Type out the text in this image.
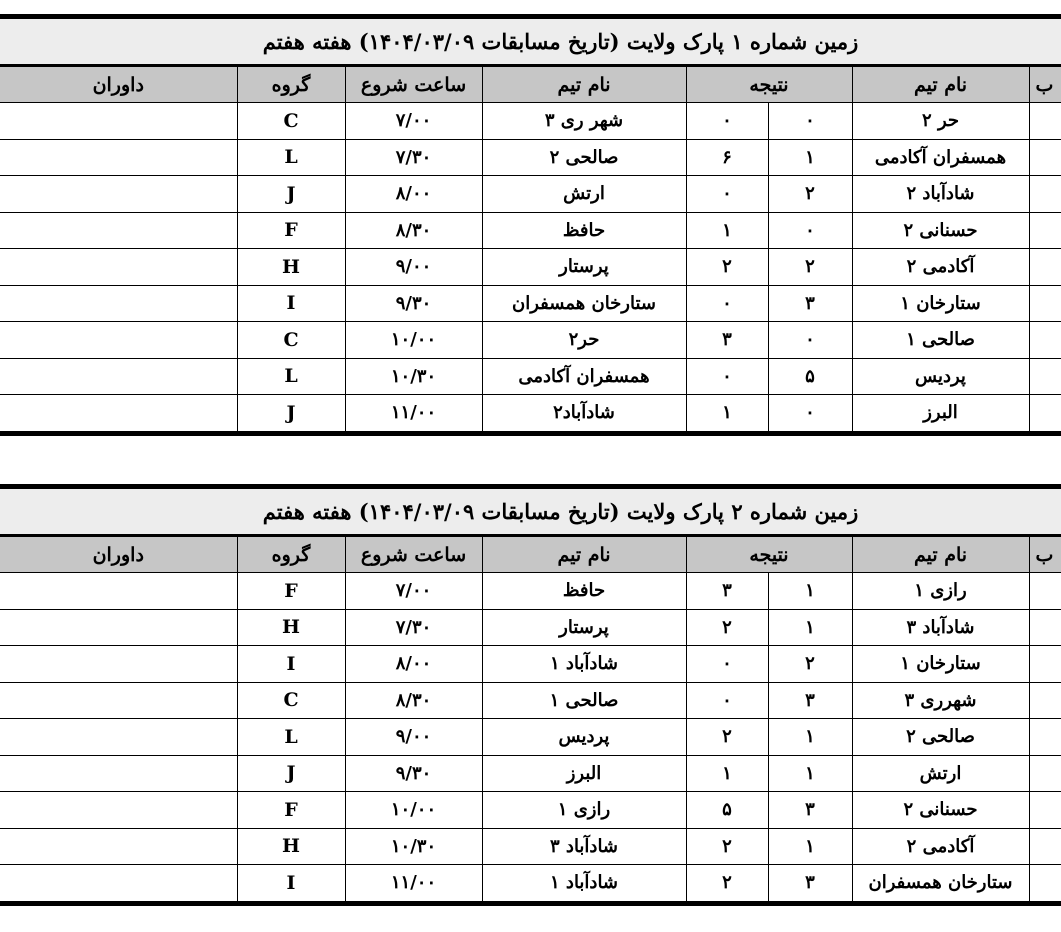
زمین شماره ۱ پارک ولایت (تاریخ مسابقات ۱۴۰۴/۰۳/۰۹) هفته هفتم
داوران	گروه	ساعت شروع	نام تیم	نتیجه		نام تیم	ب
	C	۷/۰۰	شهر ری ۳	۰	۰	حر ۲	
	L	۷/۳۰	صالحی ۲	۶	۱	همسفران آکادمی	
	J	۸/۰۰	ارتش	۰	۲	شادآباد ۲	
	F	۸/۳۰	حافظ	۱	۰	حسنانی ۲	
	H	۹/۰۰	پرستار	۲	۲	آکادمی ۲	
	I	۹/۳۰	ستارخان همسفران	۰	۳	ستارخان ۱	
	C	۱۰/۰۰	حر۲	۳	۰	صالحی ۱	
	L	۱۰/۳۰	همسفران آکادمی	۰	۵	پردیس	
	J	۱۱/۰۰	شادآباد۲	۱	۰	البرز	
زمین شماره ۲ پارک ولایت (تاریخ مسابقات ۱۴۰۴/۰۳/۰۹) هفته هفتم
داوران	گروه	ساعت شروع	نام تیم	نتیجه		نام تیم	ب
	F	۷/۰۰	حافظ	۳	۱	رازی ۱	
	H	۷/۳۰	پرستار	۲	۱	شادآباد ۳	
	I	۸/۰۰	شادآباد ۱	۰	۲	ستارخان ۱	
	C	۸/۳۰	صالحی ۱	۰	۳	شهرری ۳	
	L	۹/۰۰	پردیس	۲	۱	صالحی ۲	
	J	۹/۳۰	البرز	۱	۱	ارتش	
	F	۱۰/۰۰	رازی ۱	۵	۳	حسنانی ۲	
	H	۱۰/۳۰	شادآباد ۳	۲	۱	آکادمی ۲	
	I	۱۱/۰۰	شادآباد ۱	۲	۳	ستارخان همسفران	
